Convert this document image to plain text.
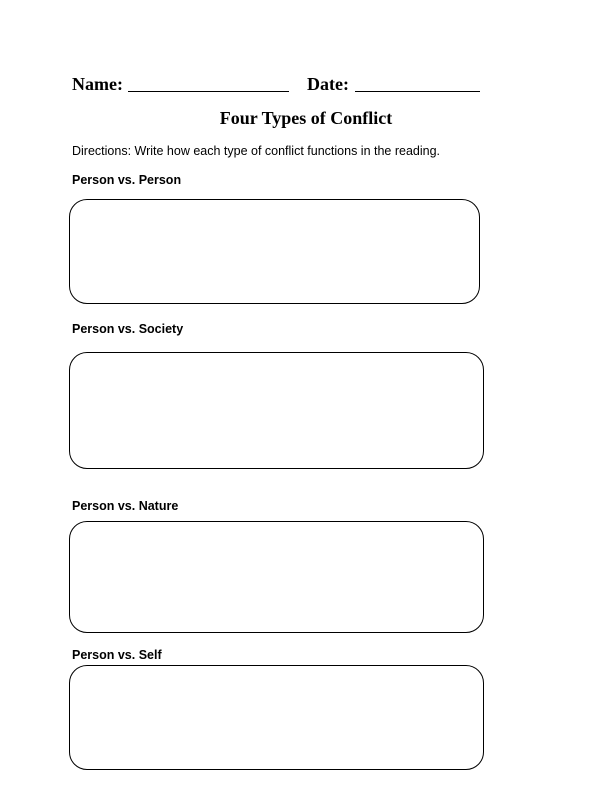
Name:	Date:
Four Types of Conflict
Directions: Write how each type of conflict functions in the reading.
Person vs. Person
Person vs. Society
Person vs. Nature
Person vs. Self
